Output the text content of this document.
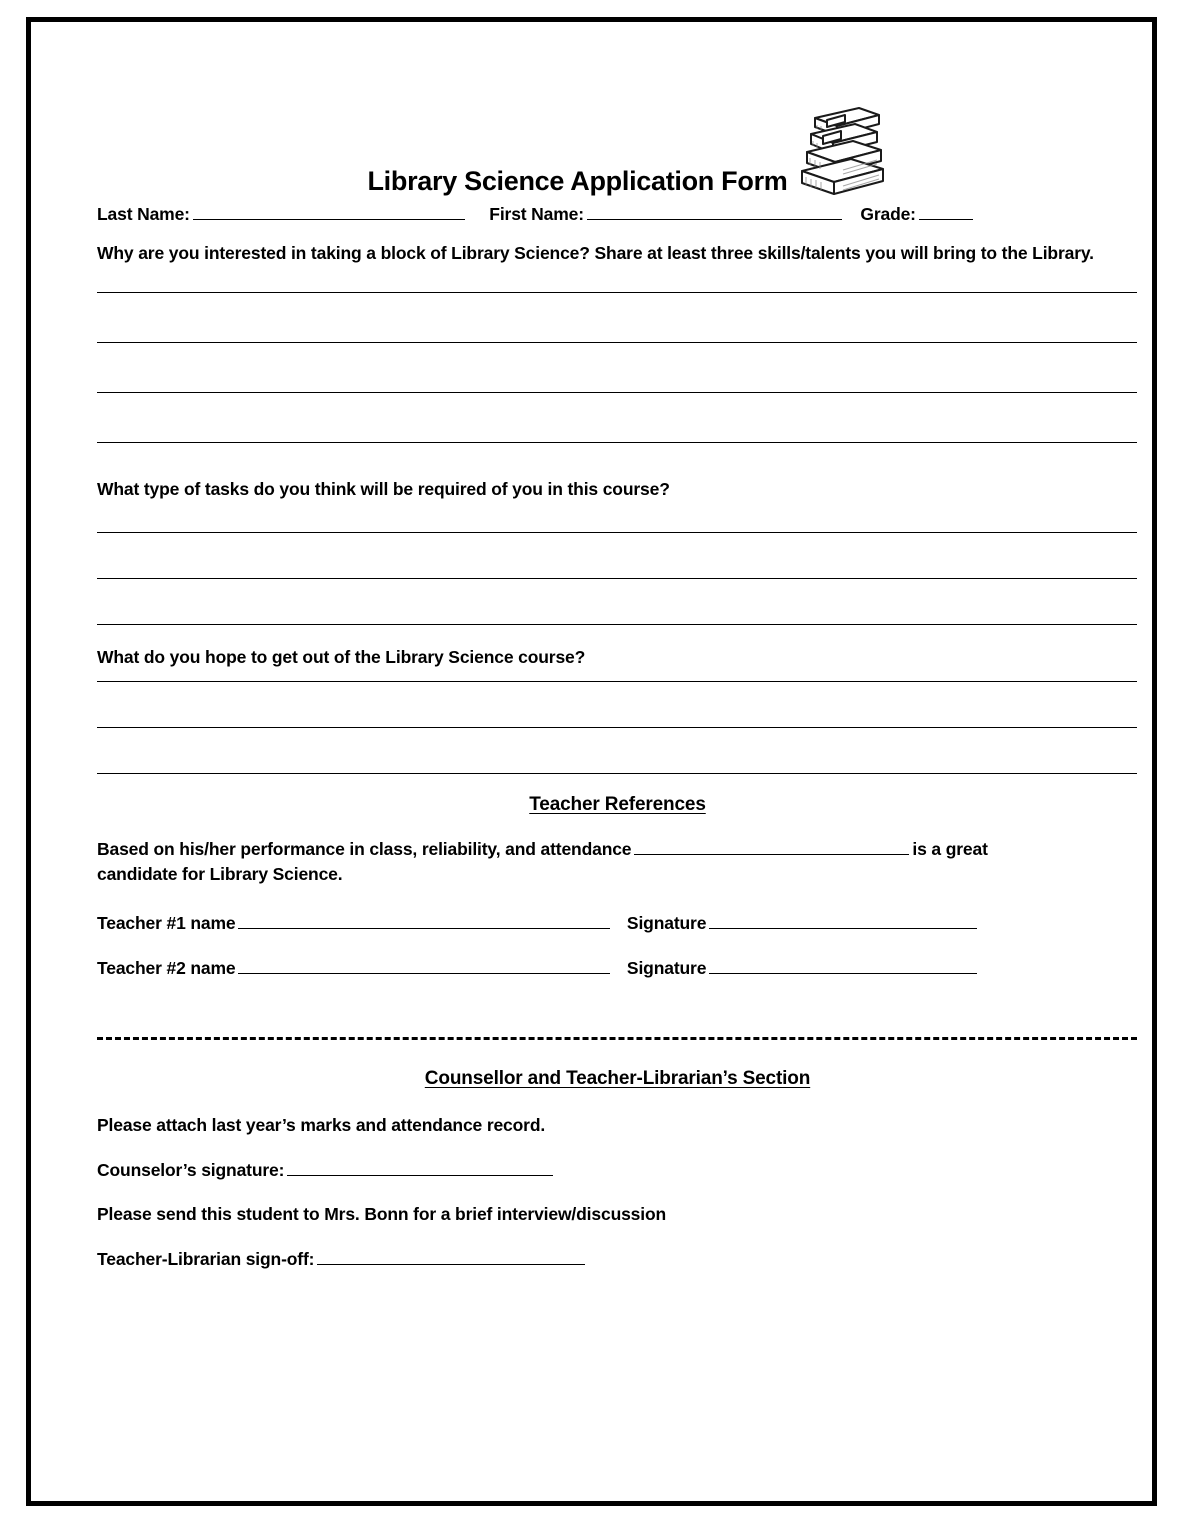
Library Science Application Form
Last Name:	First Name:	Grade:

Why are you interested in taking a block of Library Science? Share at least three skills/talents you will bring to the Library.

What type of tasks do you think will be required of you in this course?

What do you hope to get out of the Library Science course?

Teacher References

Based on his/her performance in class, reliability, and attendance	is a great
candidate for Library Science.

Teacher #1 name	Signature
Teacher #2 name	Signature
Counsellor and Teacher-Librarian’s Section

Please attach last year’s marks and attendance record.

Counselor’s signature:

Please send this student to Mrs. Bonn for a brief interview/discussion

Teacher-Librarian sign-off:
